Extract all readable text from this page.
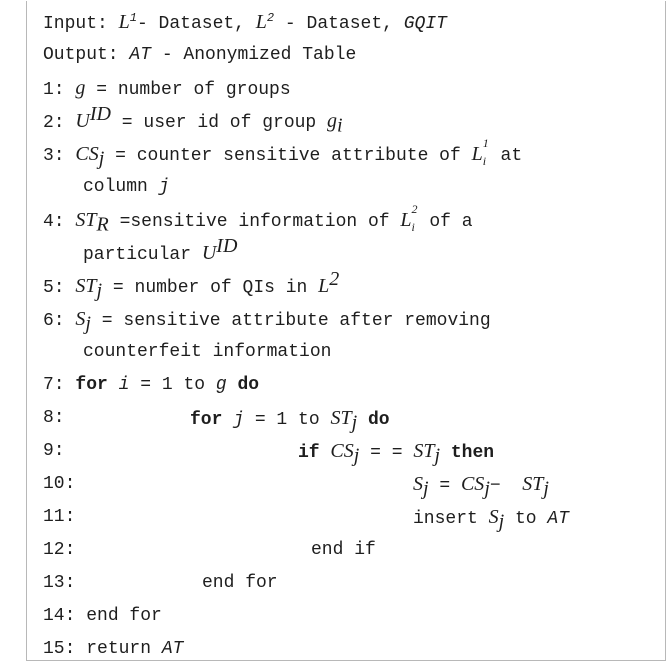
Input: $L^1-$ Dataset, $L^2$ - Dataset, GQIT
Output: AT - Anonymized Table
1: g = number of groups
2: $U^{ID}$ = user id of group $g_i$
3: $CS_j$ = counter sensitive attribute of L 1
i at
column j
4: $ST_R$ =sensitive information of L 2
i of a
particular $U^{ID}$
5: $ST_j$ = number of QIs in $L^2$
6: $S_j$ = sensitive attribute after removing
counterfeit information
7: for i = 1 to g do
8:	for j = 1 to $ST_j$ do
9:	if $CS_j$ = = $ST_j$ then
10:	$S_j = CS_j- ST_j$
11:	insert $S_j$ to AT
12:	end if
13:	end for
14: end for
15: return AT
